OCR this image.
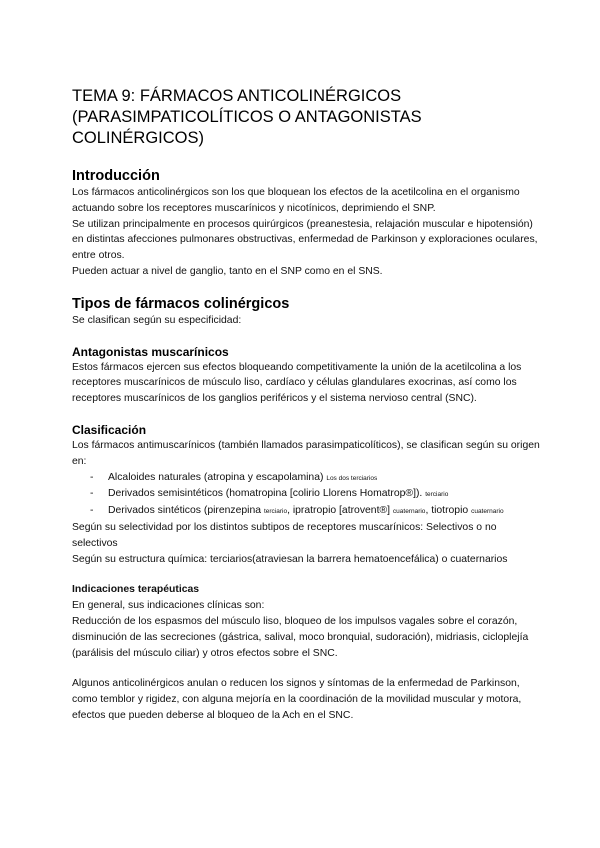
TEMA 9: FÁRMACOS ANTICOLINÉRGICOS (PARASIMPATICOLÍTICOS O ANTAGONISTAS COLINÉRGICOS)
Introducción

Los fármacos anticolinérgicos son los que bloquean los efectos de la acetilcolina en el organismo actuando sobre los receptores muscarínicos y nicotínicos, deprimiendo el SNP.

Se utilizan principalmente en procesos quirúrgicos (preanestesia, relajación muscular e hipotensión) en distintas afecciones pulmonares obstructivas, enfermedad de Parkinson y exploraciones oculares, entre otros.

Pueden actuar a nivel de ganglio, tanto en el SNP como en el SNS.

Tipos de fármacos colinérgicos

Se clasifican según su especificidad:

Antagonistas muscarínicos

Estos fármacos ejercen sus efectos bloqueando competitivamente la unión de la acetilcolina a los receptores muscarínicos de músculo liso, cardíaco y células glandulares exocrinas, así como los receptores muscarínicos de los ganglios periféricos y el sistema nervioso central (SNC).

Clasificación

Los fármacos antimuscarínicos (también llamados parasimpaticolíticos), se clasifican según su origen en:

- Alcaloides naturales (atropina y escapolamina) Los dos terciarios
- Derivados semisintéticos (homatropina [colirio Llorens Homatrop®]). terciario
- Derivados sintéticos (pirenzepina terciario, ipratropio [atrovent®] cuaternario, tiotropio cuaternario

Según su selectividad por los distintos subtipos de receptores muscarínicos: Selectivos o no selectivos

Según su estructura química: terciarios(atraviesan la barrera hematoencefálica) o cuaternarios

Indicaciones terapéuticas

En general, sus indicaciones clínicas son:

Reducción de los espasmos del músculo liso, bloqueo de los impulsos vagales sobre el corazón, disminución de las secreciones (gástrica, salival, moco bronquial, sudoración), midriasis, cicloplejía (parálisis del músculo ciliar) y otros efectos sobre el SNC.

Algunos anticolinérgicos anulan o reducen los signos y síntomas de la enfermedad de Parkinson, como temblor y rigidez, con alguna mejoría en la coordinación de la movilidad muscular y motora, efectos que pueden deberse al bloqueo de la Ach en el SNC.
